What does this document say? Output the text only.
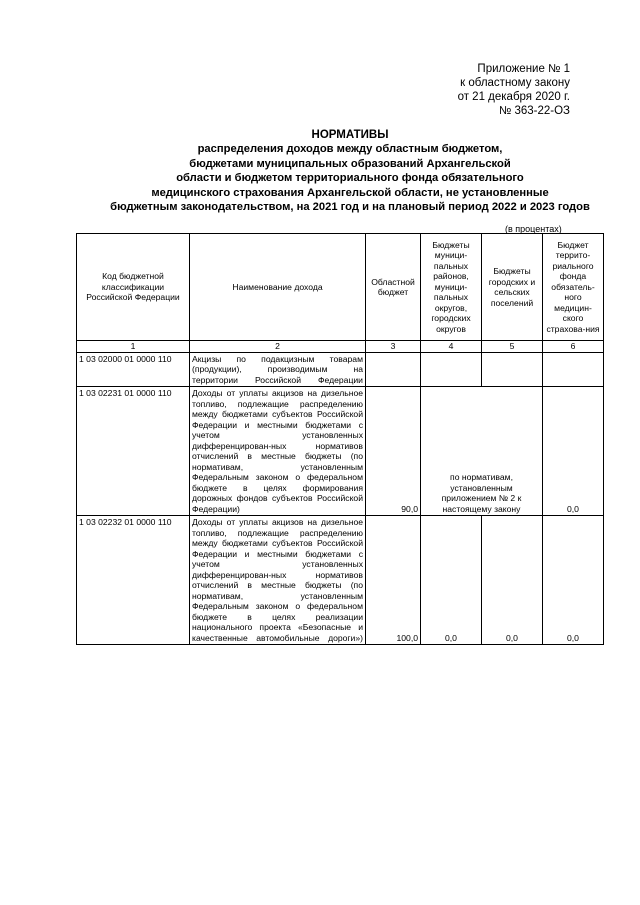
Приложение № 1
к областному закону
от 21 декабря 2020 г.
№ 363-22-ОЗ
НОРМАТИВЫ
распределения доходов между областным бюджетом,
бюджетами муниципальных образований Архангельской
области и бюджетом территориального фонда обязательного
медицинского страхования Архангельской области, не установленные
бюджетным законодательством, на 2021 год и на плановый период 2022 и 2023 годов
(в процентах)
Код бюджетной классификации Российской Федерации	Наименование дохода	Областной бюджет	Бюджеты муници-пальных районов, муници-пальных округов, городских округов	Бюджеты городских и сельских поселений	Бюджет террито-риального фонда обязатель-ного медицин-ского страхова-ния
1	2	3	4	5	6
1 03 02000 01 0000 110	Акцизы по подакцизным товарам (продукции), производимым на территории Российской Федерации				
1 03 02231 01 0000 110	Доходы от уплаты акцизов на дизельное топливо, подлежащие распределению между бюджетами субъектов Российской Федерации и местными бюджетами с учетом установленных дифференцирован-ных нормативов отчислений в местные бюджеты (по нормативам, установленным Федеральным законом о федеральном бюджете в целях формирования дорожных фондов субъектов Российской Федерации)	90,0	по нормативам, установленным приложением № 2 к настоящему закону		0,0
1 03 02232 01 0000 110	Доходы от уплаты акцизов на дизельное топливо, подлежащие распределению между бюджетами субъектов Российской Федерации и местными бюджетами с учетом установленных дифференцирован-ных нормативов отчислений в местные бюджеты (по нормативам, установленным Федеральным законом о федеральном бюджете в целях реализации национального проекта «Безопасные и качественные автомобильные дороги»)	100,0	0,0	0,0	0,0
